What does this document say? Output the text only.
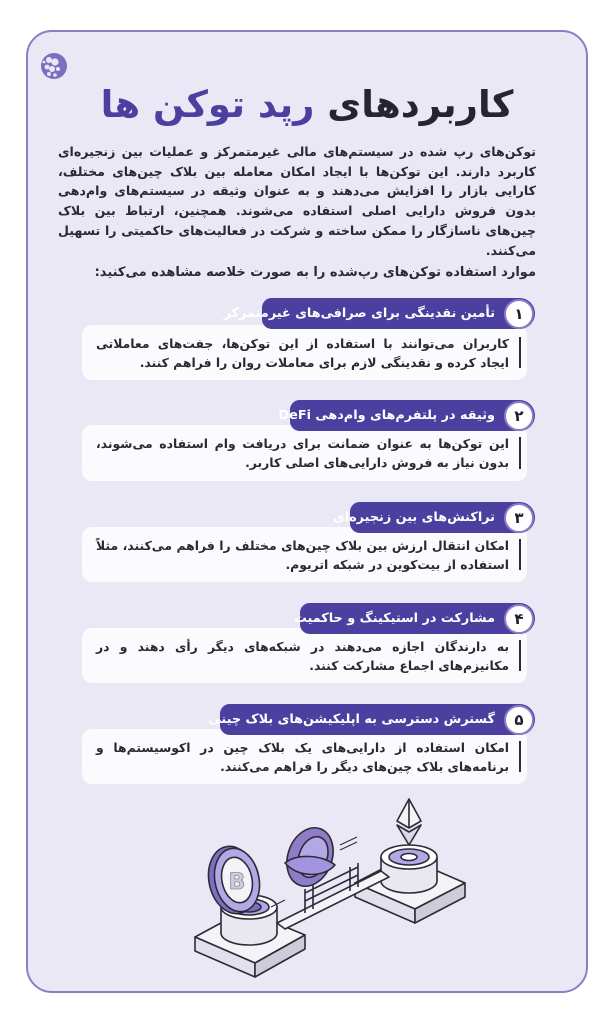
کاربردهای رپد توکن ها

توکن‌های رپ شده در سیستم‌های مالی غیرمتمرکز و عملیات بین زنجیره‌ای کاربرد دارند. این توکن‌ها با ایجاد امکان معامله بین بلاک چین‌های مختلف، کارایی بازار را افزایش می‌دهند و به عنوان وثیقه در سیستم‌های وام‌دهی بدون فروش دارایی اصلی استفاده می‌شوند. همچنین، ارتباط بین بلاک چین‌های ناسازگار را ممکن ساخته و شرکت در فعالیت‌های حاکمیتی را تسهیل می‌کنند.

موارد استفاده توکن‌های رپ‌شده را به صورت خلاصه مشاهده می‌کنید:

کاربران می‌توانند با استفاده از این توکن‌ها، جفت‌های معاملاتی ایجاد کرده و نقدینگی لازم برای معاملات روان را فراهم کنند.

تأمین نقدینگی برای صرافی‌های غیرمتمرکز	۱

این توکن‌ها به عنوان ضمانت برای دریافت وام استفاده می‌شوند، بدون نیاز به فروش دارایی‌های اصلی کاربر.

وثیقه در پلتفرم‌های وام‌دهی DeFi	۲

امکان انتقال ارزش بین بلاک چین‌های مختلف را فراهم می‌کنند، مثلاً استفاده از بیت‌کوین در شبکه اتریوم.

تراکنش‌های بین زنجیره‌ای	۳

به دارندگان اجازه می‌دهند در شبکه‌های دیگر رأی دهند و در مکانیزم‌های اجماع مشارکت کنند.

مشارکت در استیکینگ و حاکمیت	۴

امکان استفاده از دارایی‌های یک بلاک چین در اکوسیستم‌ها و برنامه‌های بلاک چین‌های دیگر را فراهم می‌کنند.

گسترش دسترسی به اپلیکیشن‌های بلاک چینی	۵
B
